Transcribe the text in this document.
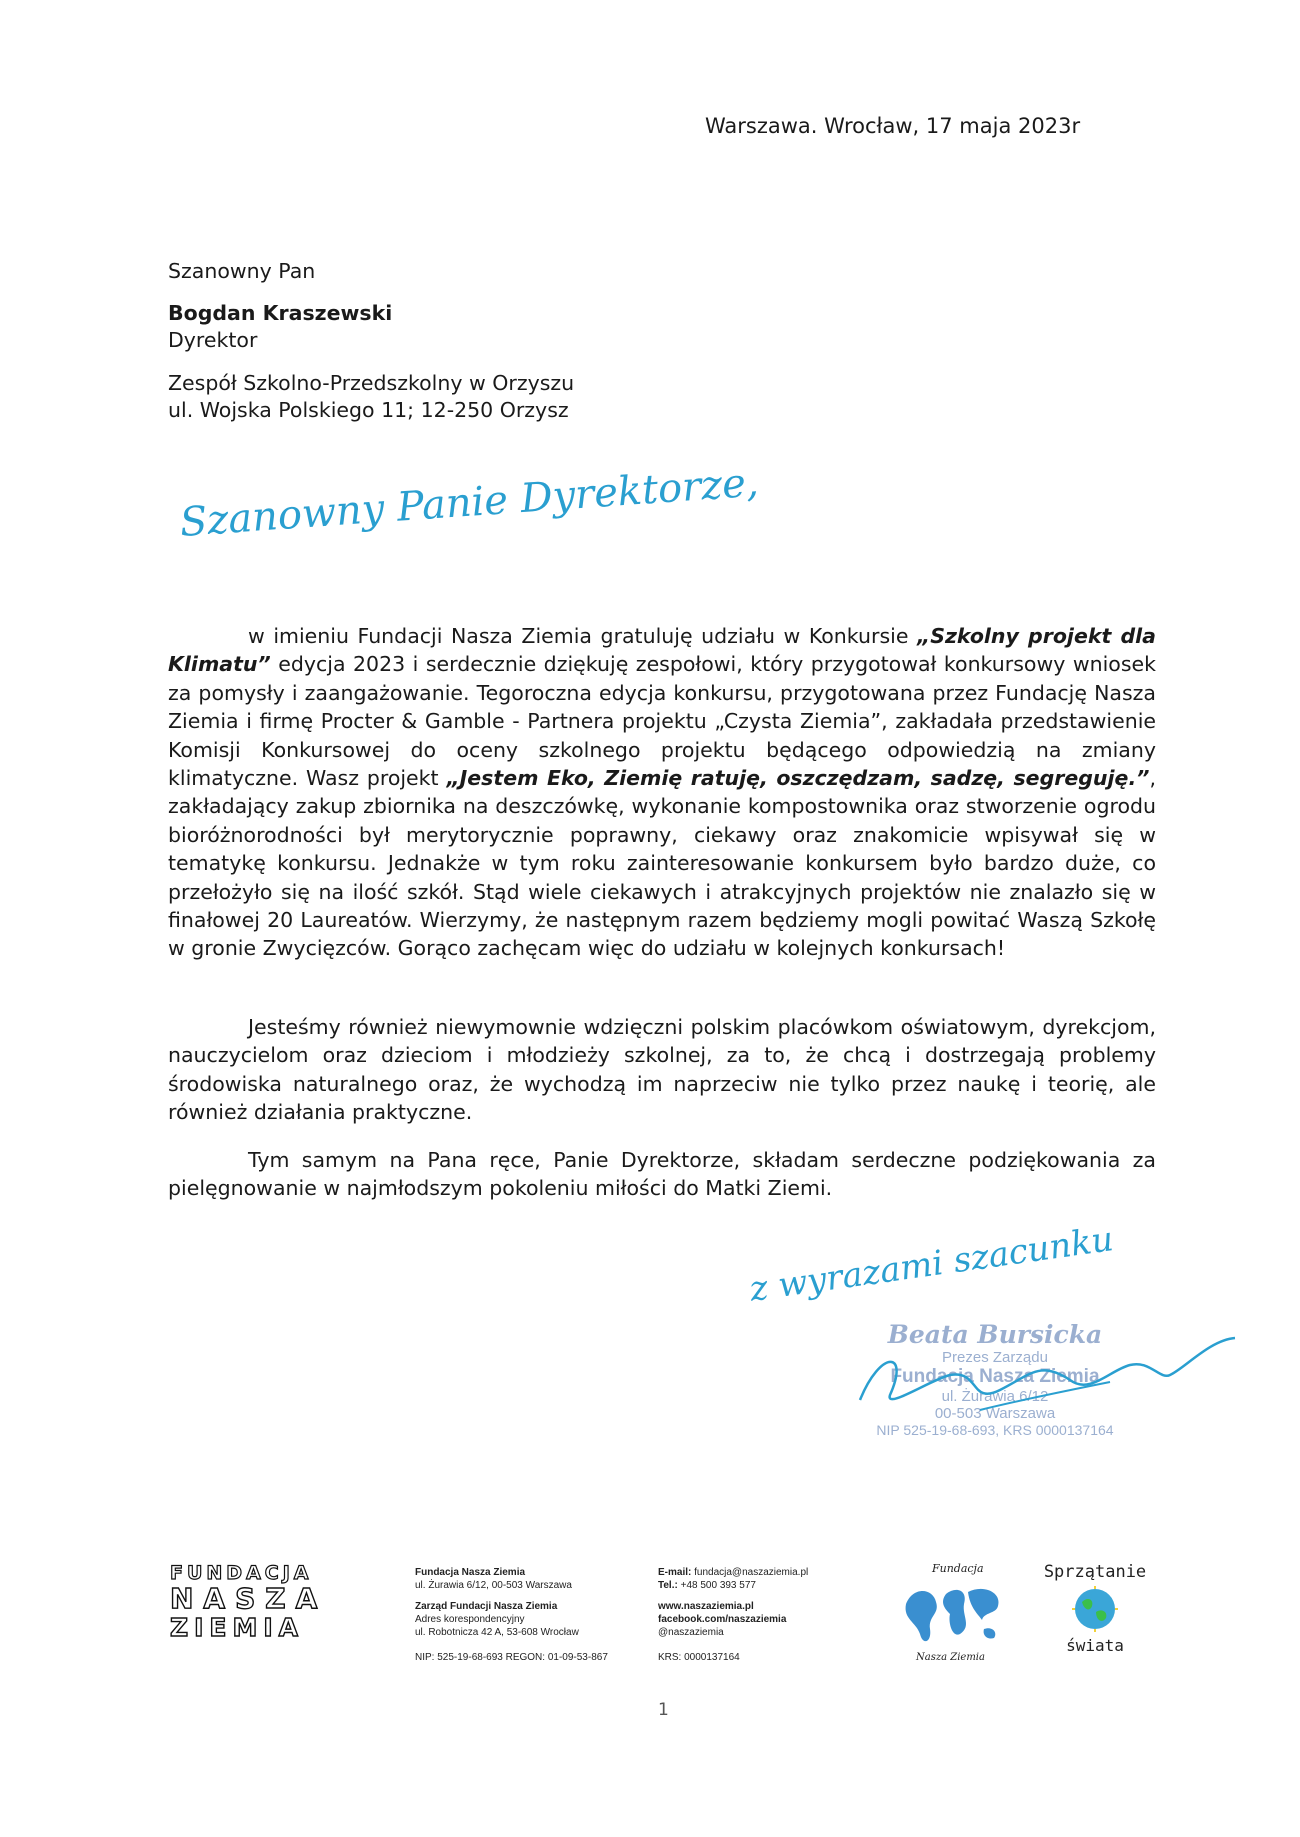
Warszawa. Wrocław, 17 maja 2023r
Szanowny Pan
Bogdan Kraszewski
Dyrektor
Zespół Szkolno-Przedszkolny w Orzyszu
ul. Wojska Polskiego 11; 12-250 Orzysz
Szanowny Panie Dyrektorze,

w imieniu Fundacji Nasza Ziemia gratuluję udziału w Konkursie „Szkolny projekt dla Klimatu” edycja 2023 i serdecznie dziękuję zespołowi, który przygotował konkursowy wniosek za pomysły i zaangażowanie. Tegoroczna edycja konkursu, przygotowana przez Fundację Nasza Ziemia i firmę Procter & Gamble - Partnera projektu „Czysta Ziemia”, zakładała przedstawienie Komisji Konkursowej do oceny szkolnego projektu będącego odpowiedzią na zmiany klimatyczne. Wasz projekt „Jestem Eko, Ziemię ratuję, oszczędzam, sadzę, segreguję.”, zakładający zakup zbiornika na deszczówkę, wykonanie kompostownika oraz stworzenie ogrodu bioróżnorodności był merytorycznie poprawny, ciekawy oraz znakomicie wpisywał się w tematykę konkursu. Jednakże w tym roku zainteresowanie konkursem było bardzo duże, co przełożyło się na ilość szkół. Stąd wiele ciekawych i atrakcyjnych projektów nie znalazło się w finałowej 20 Laureatów. Wierzymy, że następnym razem będziemy mogli powitać Waszą Szkołę w gronie Zwycięzców. Gorąco zachęcam więc do udziału w kolejnych konkursach!

Jesteśmy również niewymownie wdzięczni polskim placówkom oświatowym, dyrekcjom, nauczycielom oraz dzieciom i młodzieży szkolnej, za to, że chcą i dostrzegają problemy środowiska naturalnego oraz, że wychodzą im naprzeciw nie tylko przez naukę i teorię, ale również działania praktyczne.

Tym samym na Pana ręce, Panie Dyrektorze, składam serdeczne podziękowania za pielęgnowanie w najmłodszym pokoleniu miłości do Matki Ziemi.

z wyrazami szacunku
Beata Bursicka
Prezes Zarządu
Fundacja Nasza Ziemia
ul. Żurawia 6/12
00-503 Warszawa
NIP 525-19-68-693, KRS 0000137164
FUNDACJA
NASZA
ZIEMIA
Fundacja Nasza Ziemia
ul. Żurawia 6/12, 00-503 Warszawa
Zarząd Fundacji Nasza Ziemia
Adres korespondencyjny
ul. Robotnicza 42 A, 53-608 Wrocław
NIP: 525-19-68-693 REGON: 01-09-53-867
E-mail: fundacja@naszaziemia.pl
Tel.: +48 500 393 577
www.naszaziemia.pl
facebook.com/naszaziemia
@naszaziemia
KRS: 0000137164
Fundacja
Nasza Ziemia
Sprzątanie
świata
1
